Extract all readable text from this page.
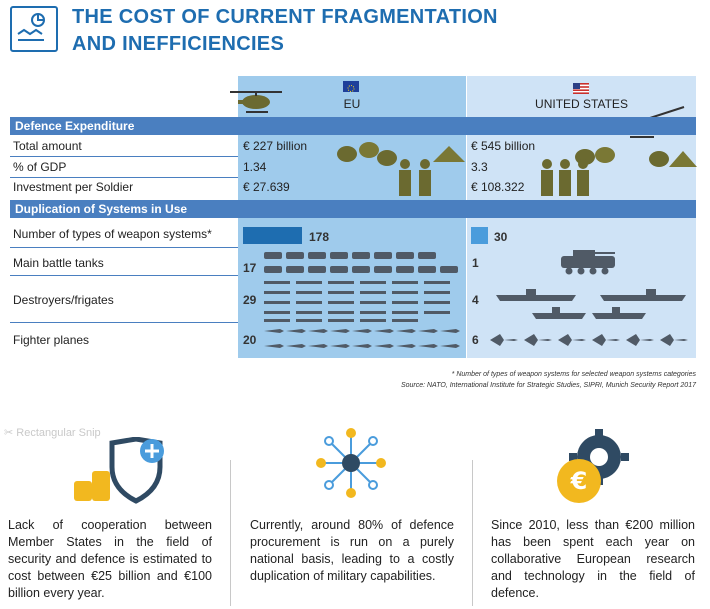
THE COST OF CURRENT FRAGMENTATION
AND INEFFICIENCIES
EU	UNITED STATES
Defence Expenditure
Total amount	€ 227 billion	€ 545 billion
% of GDP	1.34	3.3
Investment per Soldier	€ 27.639	€ 108.322
Duplication of Systems in Use
Number of types of weapon systems*	178	30
Main battle tanks	17	1
Destroyers/frigates	29	4
Fighter planes	20	6
* Number of types of weapon systems for selected weapon systems categories
Source: NATO, International Institute for Strategic Studies, SIPRI, Munich Security Report 2017
✂ Rectangular Snip
€
Lack of cooperation between Member States in the field of security and defence is estimated to cost between €25 billion and €100 billion every year.
Currently, around 80% of defence procurement is run on a purely national basis, leading to a costly duplication of military capabilities.
Since 2010, less than €200 million has been spent each year on collaborative European research and technology in the field of defence.
